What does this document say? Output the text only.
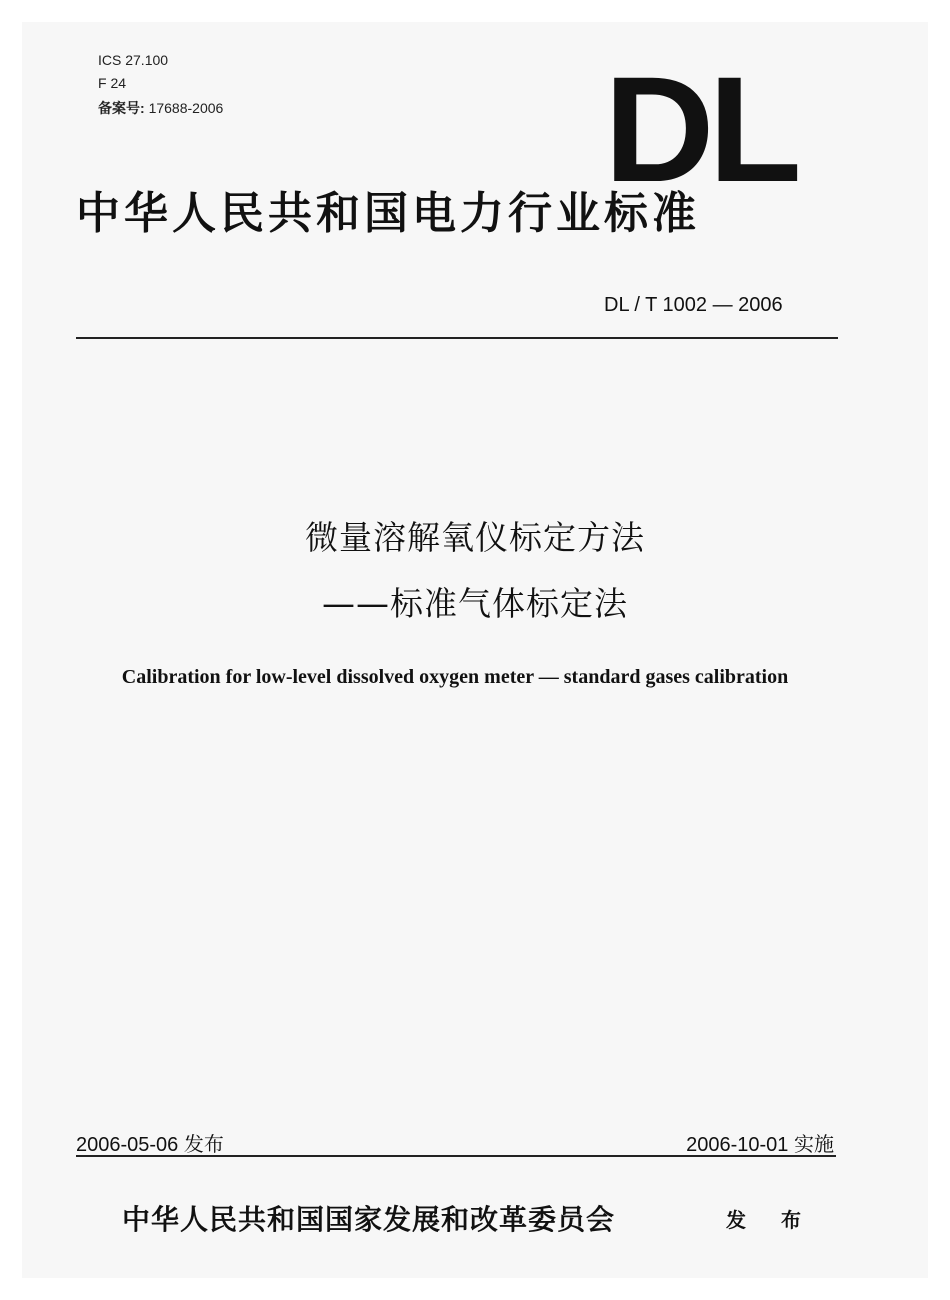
ICS 27.100
F 24
备案号: 17688-2006	DL
中华人民共和国电力行业标准
DL / T 1002 — 2006
微量溶解氧仪标定方法
——标准气体标定法
Calibration for low-level dissolved oxygen meter — standard gases calibration
2006-05-06 发布	2006-10-01 实施
中华人民共和国国家发展和改革委员会	发 布
